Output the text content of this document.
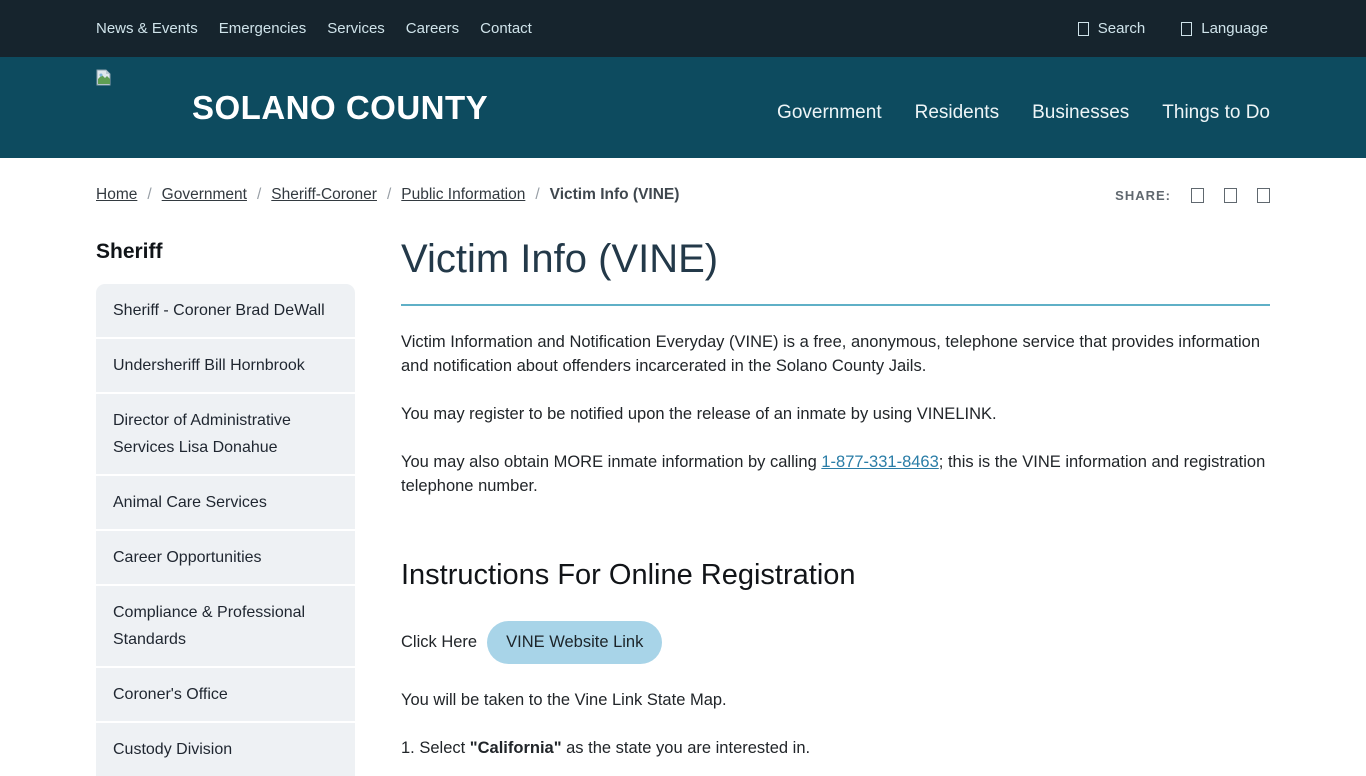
News & Events Emergencies Services Careers Contact	Search	Language
SOLANO COUNTY	Government Residents Businesses Things to Do
Home / Government / Sheriff-Coroner / Public Information / Victim Info (VINE)	SHARE:
Sheriff
Sheriff - Coroner Brad DeWall
Undersheriff Bill Hornbrook
Director of Administrative Services Lisa Donahue
Animal Care Services
Career Opportunities
Compliance & Professional Standards
Coroner's Office
Custody Division
Victim Info (VINE)

Victim Information and Notification Everyday (VINE) is a free, anonymous, telephone service that provides information and notification about offenders incarcerated in the Solano County Jails.

You may register to be notified upon the release of an inmate by using VINELINK.

You may also obtain MORE inmate information by calling 1-877-331-8463; this is the VINE information and registration telephone number.

Instructions For Online Registration
Click Here	VINE Website Link

You will be taken to the Vine Link State Map.

1. Select "California" as the state you are interested in.
